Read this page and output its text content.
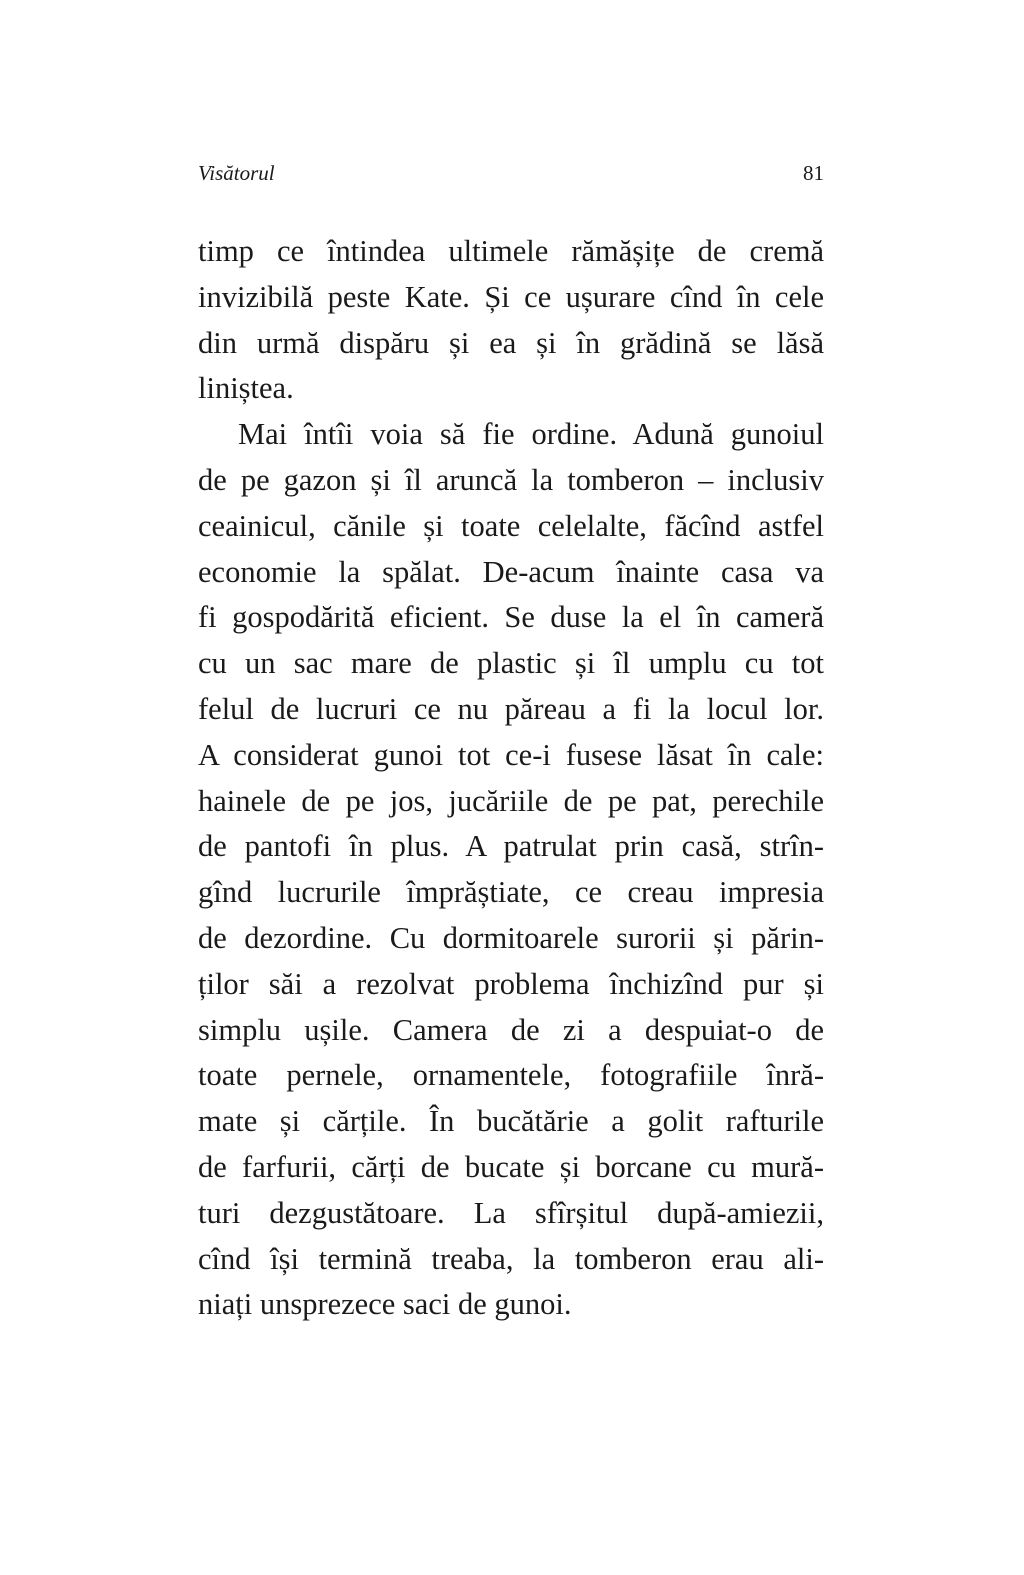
Visătorul	81
timp ce întindea ultimele rămășițe de cremă
invizibilă peste Kate. Și ce ușurare cînd în cele
din urmă dispăru și ea și în grădină se lăsă
liniștea.
Mai întîi voia să fie ordine. Adună gunoiul
de pe gazon și îl aruncă la tomberon – inclusiv
ceainicul, cănile și toate celelalte, făcînd astfel
economie la spălat. De-acum înainte casa va
fi gospodărită eficient. Se duse la el în cameră
cu un sac mare de plastic și îl umplu cu tot
felul de lucruri ce nu păreau a fi la locul lor.
A considerat gunoi tot ce-i fusese lăsat în cale:
hainele de pe jos, jucăriile de pe pat, perechile
de pantofi în plus. A patrulat prin casă, strîn-
gînd lucrurile împrăștiate, ce creau impresia
de dezordine. Cu dormitoarele surorii și părin-
ților săi a rezolvat problema închizînd pur și
simplu ușile. Camera de zi a despuiat-o de
toate pernele, ornamentele, fotografiile înră-
mate și cărțile. În bucătărie a golit rafturile
de farfurii, cărți de bucate și borcane cu mură-
turi dezgustătoare. La sfîrșitul după-amiezii,
cînd își termină treaba, la tomberon erau ali-
niați unsprezece saci de gunoi.
